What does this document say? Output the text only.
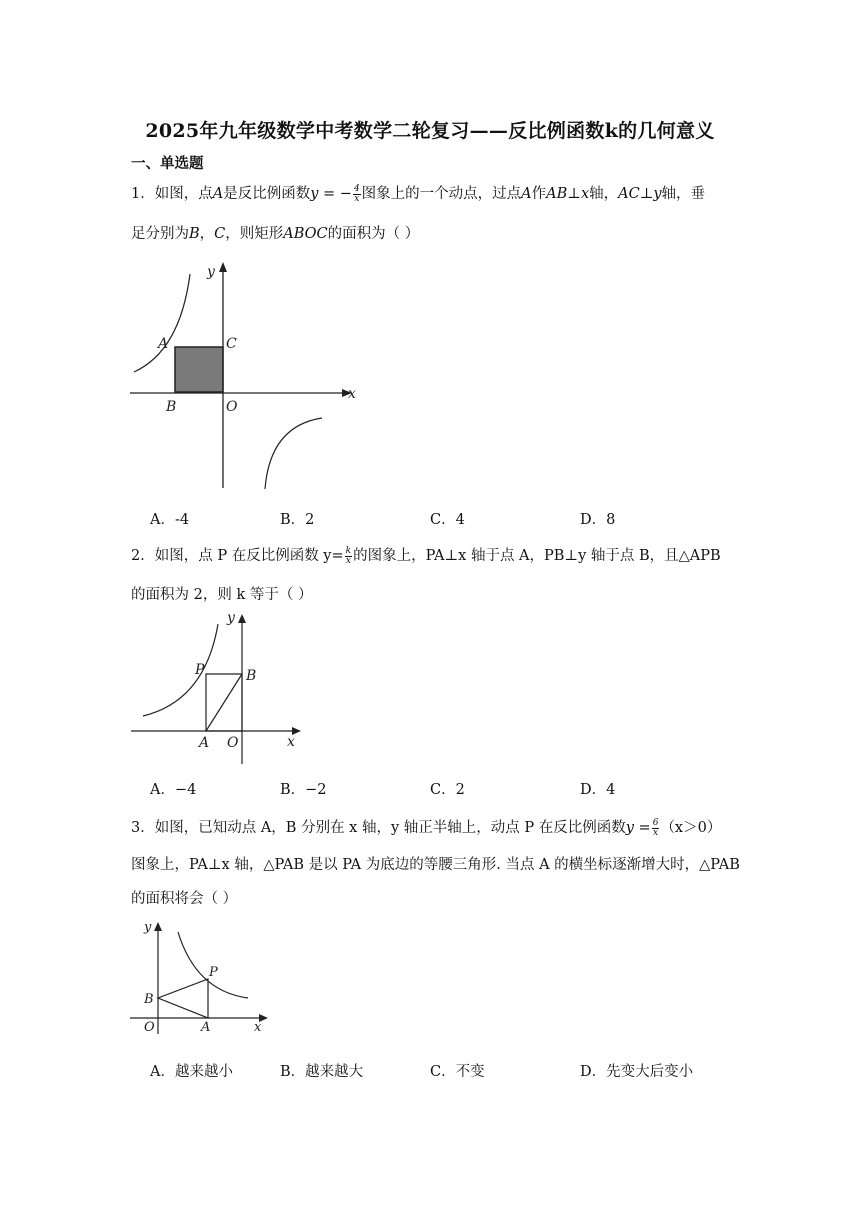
2025年九年级数学中考数学二轮复习——反比例函数k的几何意义
一、单选题
1．如图，点A是反比例函数y = − $\frac{4}{x}$ 图象上的一个动点，过点A作AB⊥x轴，AC⊥y轴，垂
足分别为B，C，则矩形ABOC的面积为（ ）
y
x
A	C
B	O
A．-4	B．2	C．4	D．8
2．如图，点 P 在反比例函数 $y= \frac{k}{x}$ 的图象上，PA⊥x 轴于点 A，PB⊥y 轴于点 B，且△APB
的面积为 2，则 k 等于（ ）
y
x
P	B
A O
A．−4	B．−2	C．2	D．4
3．如图，已知动点 A，B 分别在 x 轴，y 轴正半轴上，动点 P 在反比例函数$y = \frac{6}{x} (x>0)$
图象上，PA⊥x 轴，△PAB 是以 PA 为底边的等腰三角形. 当点 A 的横坐标逐渐增大时，△PAB
的面积将会（ ）
y
x
P
B
A
O
A．越来越小	B．越来越大	C．不变	D．先变大后变小
